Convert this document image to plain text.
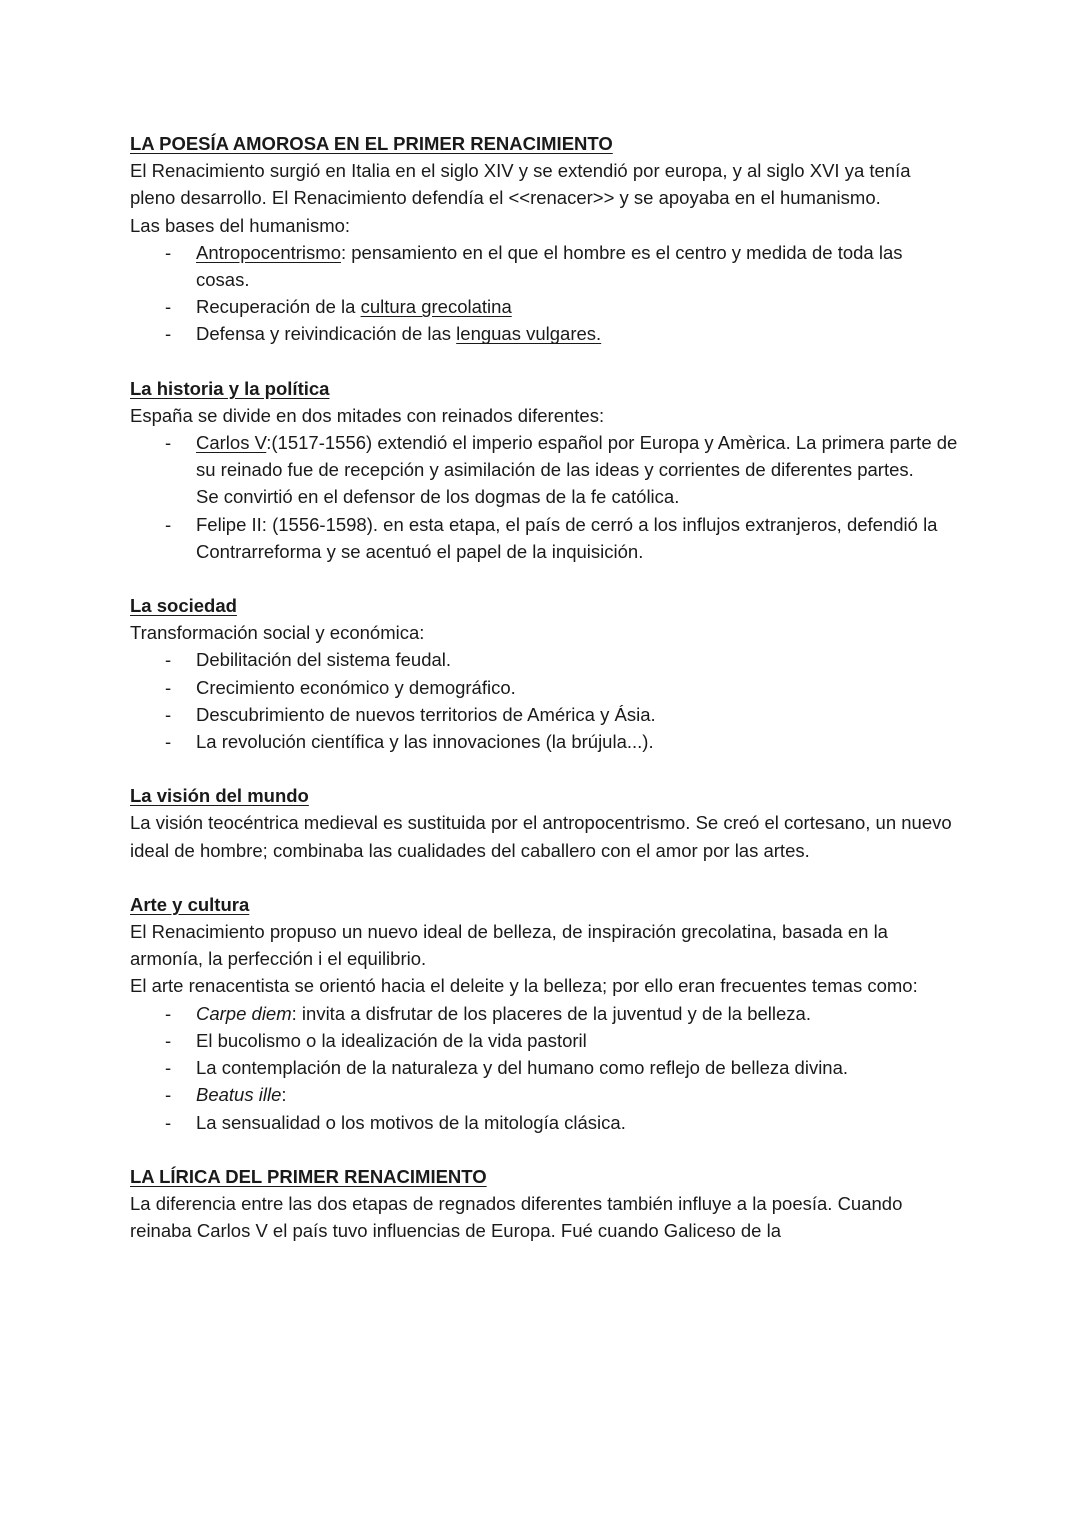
LA POESÍA AMOROSA EN EL PRIMER RENACIMIENTO

El Renacimiento surgió en Italia en el siglo XIV y se extendió por europa, y al siglo XVI ya tenía pleno desarrollo. El Renacimiento defendía el <<renacer>> y se apoyaba en el humanismo.

Las bases del humanismo:

- Antropocentrismo: pensamiento en el que el hombre es el centro y medida de toda las cosas.
- Recuperación de la cultura grecolatina
- Defensa y reivindicación de las lenguas vulgares.
La historia y la política

España se divide en dos mitades con reinados diferentes:

- Carlos V:(1517-1556) extendió el imperio español por Europa y Amèrica. La primera parte de su reinado fue de recepción y asimilación de las ideas y corrientes de diferentes partes.
Se convirtió en el defensor de los dogmas de la fe católica.
- Felipe II: (1556-1598). en esta etapa, el país de cerró a los influjos extranjeros, defendió la Contrarreforma y se acentuó el papel de la inquisición.
La sociedad

Transformación social y económica:

- Debilitación del sistema feudal.
- Crecimiento económico y demográfico.
- Descubrimiento de nuevos territorios de América y Ásia.
- La revolución científica y las innovaciones (la brújula...).
La visión del mundo

La visión teocéntrica medieval es sustituida por el antropocentrismo. Se creó el cortesano, un nuevo ideal de hombre; combinaba las cualidades del caballero con el amor por las artes.

Arte y cultura

El Renacimiento propuso un nuevo ideal de belleza, de inspiración grecolatina, basada en la armonía, la perfección i el equilibrio.

El arte renacentista se orientó hacia el deleite y la belleza; por ello eran frecuentes temas como:

- Carpe diem: invita a disfrutar de los placeres de la juventud y de la belleza.
- El bucolismo o la idealización de la vida pastoril
- La contemplación de la naturaleza y del humano como reflejo de belleza divina.
- Beatus ille:
- La sensualidad o los motivos de la mitología clásica.
LA LÍRICA DEL PRIMER RENACIMIENTO

La diferencia entre las dos etapas de regnados diferentes también influye a la poesía. Cuando reinaba Carlos V el país tuvo influencias de Europa. Fué cuando Galiceso de la
